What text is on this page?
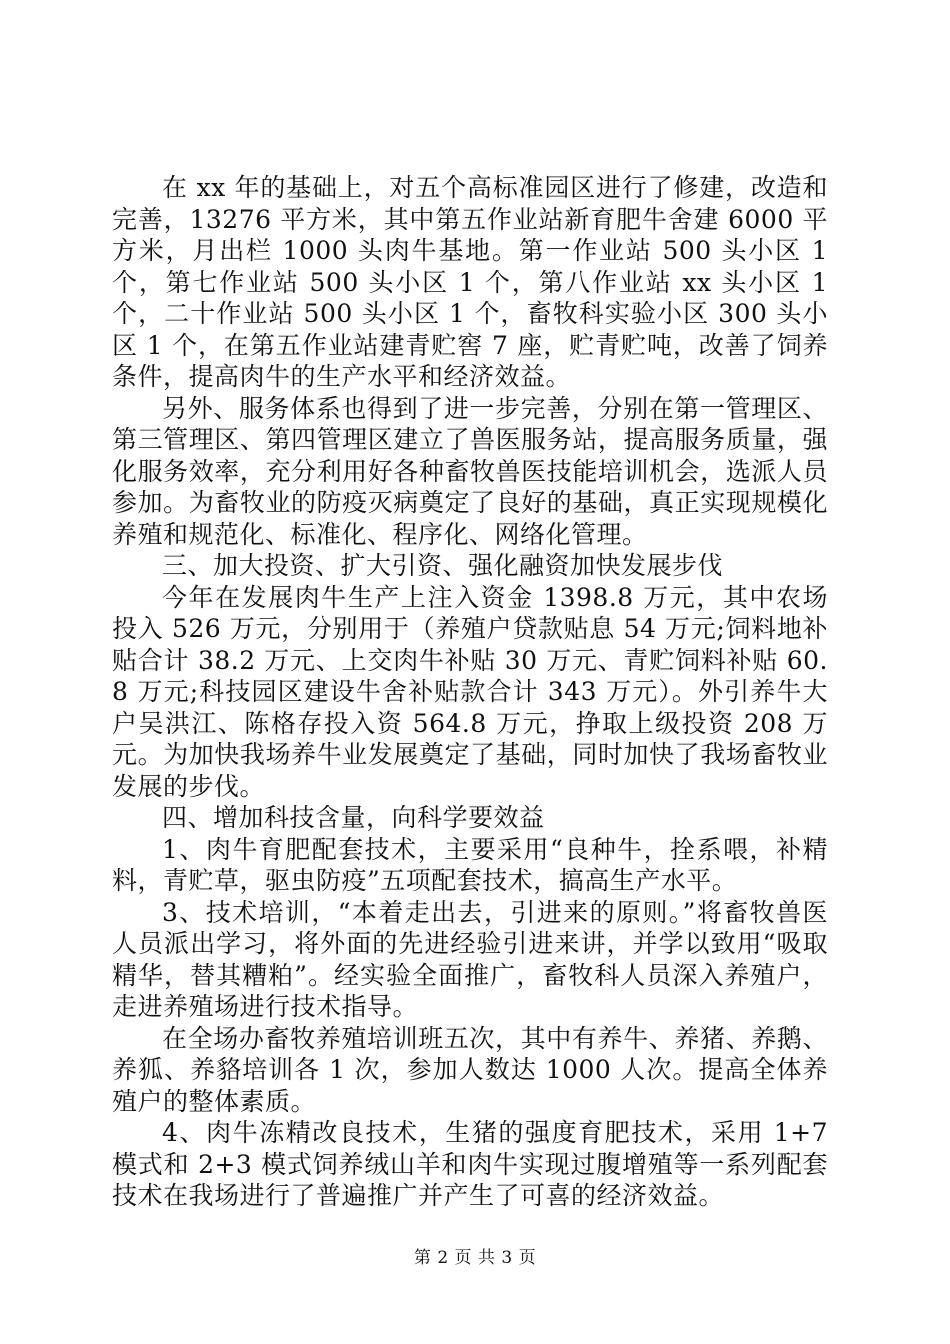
在 xx 年的基础上，对五个高标准园区进行了修建，改造和完善，13276 平方米，其中第五作业站新育肥牛舍建 6000 平方米，月出栏 1000 头肉牛基地。第一作业站 500 头小区 1 个，第七作业站 500 头小区 1 个，第八作业站 xx 头小区 1 个，二十作业站 500 头小区 1 个，畜牧科实验小区 300 头小区 1 个，在第五作业站建青贮窖 7 座，贮青贮吨，改善了饲养条件，提高肉牛的生产水平和经济效益。

另外、服务体系也得到了进一步完善，分别在第一管理区、第三管理区、第四管理区建立了兽医服务站，提高服务质量，强化服务效率，充分利用好各种畜牧兽医技能培训机会，选派人员参加。为畜牧业的防疫灭病奠定了良好的基础，真正实现规模化养殖和规范化、标准化、程序化、网络化管理。

三、加大投资、扩大引资、强化融资加快发展步伐

今年在发展肉牛生产上注入资金 1398.8 万元，其中农场投入 526 万元，分别用于（养殖户贷款贴息 54 万元;饲料地补贴合计 38.2 万元、上交肉牛补贴 30 万元、青贮饲料补贴 60.8 万元;科技园区建设牛舍补贴款合计 343 万元）。外引养牛大户吴洪江、陈格存投入资 564.8 万元，挣取上级投资 208 万元。为加快我场养牛业发展奠定了基础，同时加快了我场畜牧业发展的步伐。

四、增加科技含量，向科学要效益

1、肉牛育肥配套技术，主要采用“良种牛，拴系喂，补精料，青贮草，驱虫防疫”五项配套技术，搞高生产水平。

3、技术培训，“本着走出去，引进来的原则。”将畜牧兽医人员派出学习，将外面的先进经验引进来讲，并学以致用“吸取精华，替其糟粕”。经实验全面推广，畜牧科人员深入养殖户，走进养殖场进行技术指导。

在全场办畜牧养殖培训班五次，其中有养牛、养猪、养鹅、养狐、养貉培训各 1 次，参加人数达 1000 人次。提高全体养殖户的整体素质。

4、肉牛冻精改良技术，生猪的强度育肥技术，采用 1+7 模式和 2+3 模式饲养绒山羊和肉牛实现过腹增殖等一系列配套技术在我场进行了普遍推广并产生了可喜的经济效益。

第 2 页 共 3 页
